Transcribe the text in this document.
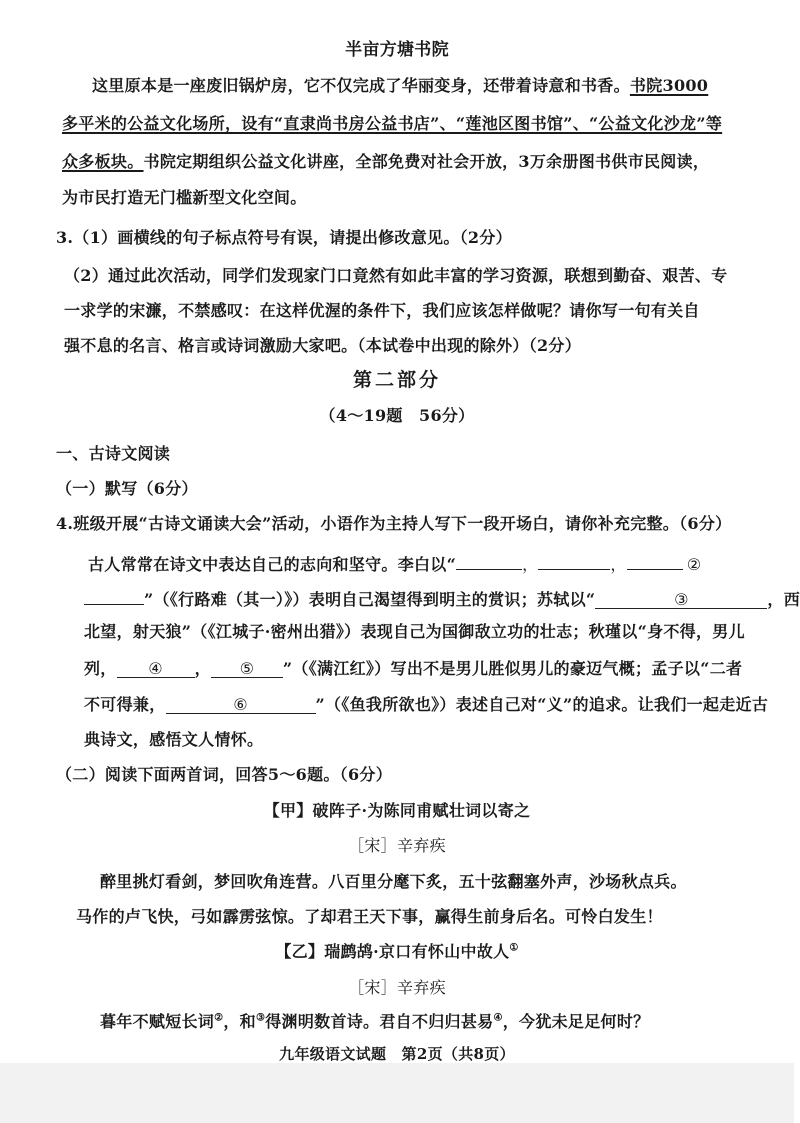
半亩方塘书院
这里原本是一座废旧锅炉房，它不仅完成了华丽变身，还带着诗意和书香。书院3000
多平米的公益文化场所，设有“直隶尚书房公益书店”、“莲池区图书馆”、“公益文化沙龙”等
众多板块。书院定期组织公益文化讲座，全部免费对社会开放，3万余册图书供市民阅读，
为市民打造无门槛新型文化空间。
3.（1）画横线的句子标点符号有误，请提出修改意见。（2分）
（2）通过此次活动，同学们发现家门口竟然有如此丰富的学习资源，联想到勤奋、艰苦、专
一求学的宋濂，不禁感叹：在这样优渥的条件下，我们应该怎样做呢？请你写一句有关自
强不息的名言、格言或诗词激励大家吧。（本试卷中出现的除外）（2分）
第二部分
（4～19题　56分）
一、古诗文阅读
（一）默写（6分）
4.班级开展“古诗文诵读大会”活动，小语作为主持人写下一段开场白，请你补充完整。（6分）
古人常常在诗文中表达自己的志向和坚守。李白以“	，	，	②
”（《行路难（其一）》）表明自己渴望得到明主的赏识；苏轼以“	③	，西
北望，射天狼”（《江城子·密州出猎》）表现自己为国御敌立功的壮志；秋瑾以“身不得，男儿
列， ④ ， ⑤ ”（《满江红》）写出不是男儿胜似男儿的豪迈气概；孟子以“二者
不可得兼，	⑥	”（《鱼我所欲也》）表述自己对“义”的追求。让我们一起走近古
典诗文，感悟文人情怀。
（二）阅读下面两首词，回答5～6题。（6分）
【甲】破阵子·为陈同甫赋壮词以寄之
［宋］辛弃疾
醉里挑灯看剑，梦回吹角连营。八百里分麾下炙，五十弦翻塞外声，沙场秋点兵。
马作的卢飞快，弓如霹雳弦惊。了却君王天下事，赢得生前身后名。可怜白发生！
【乙】瑞鹧鸪·京口有怀山中故人①
［宋］辛弃疾
暮年不赋短长词②，和③得渊明数首诗。君自不归归甚易④，今犹未足足何时？
九年级语文试题　第2页（共8页）
